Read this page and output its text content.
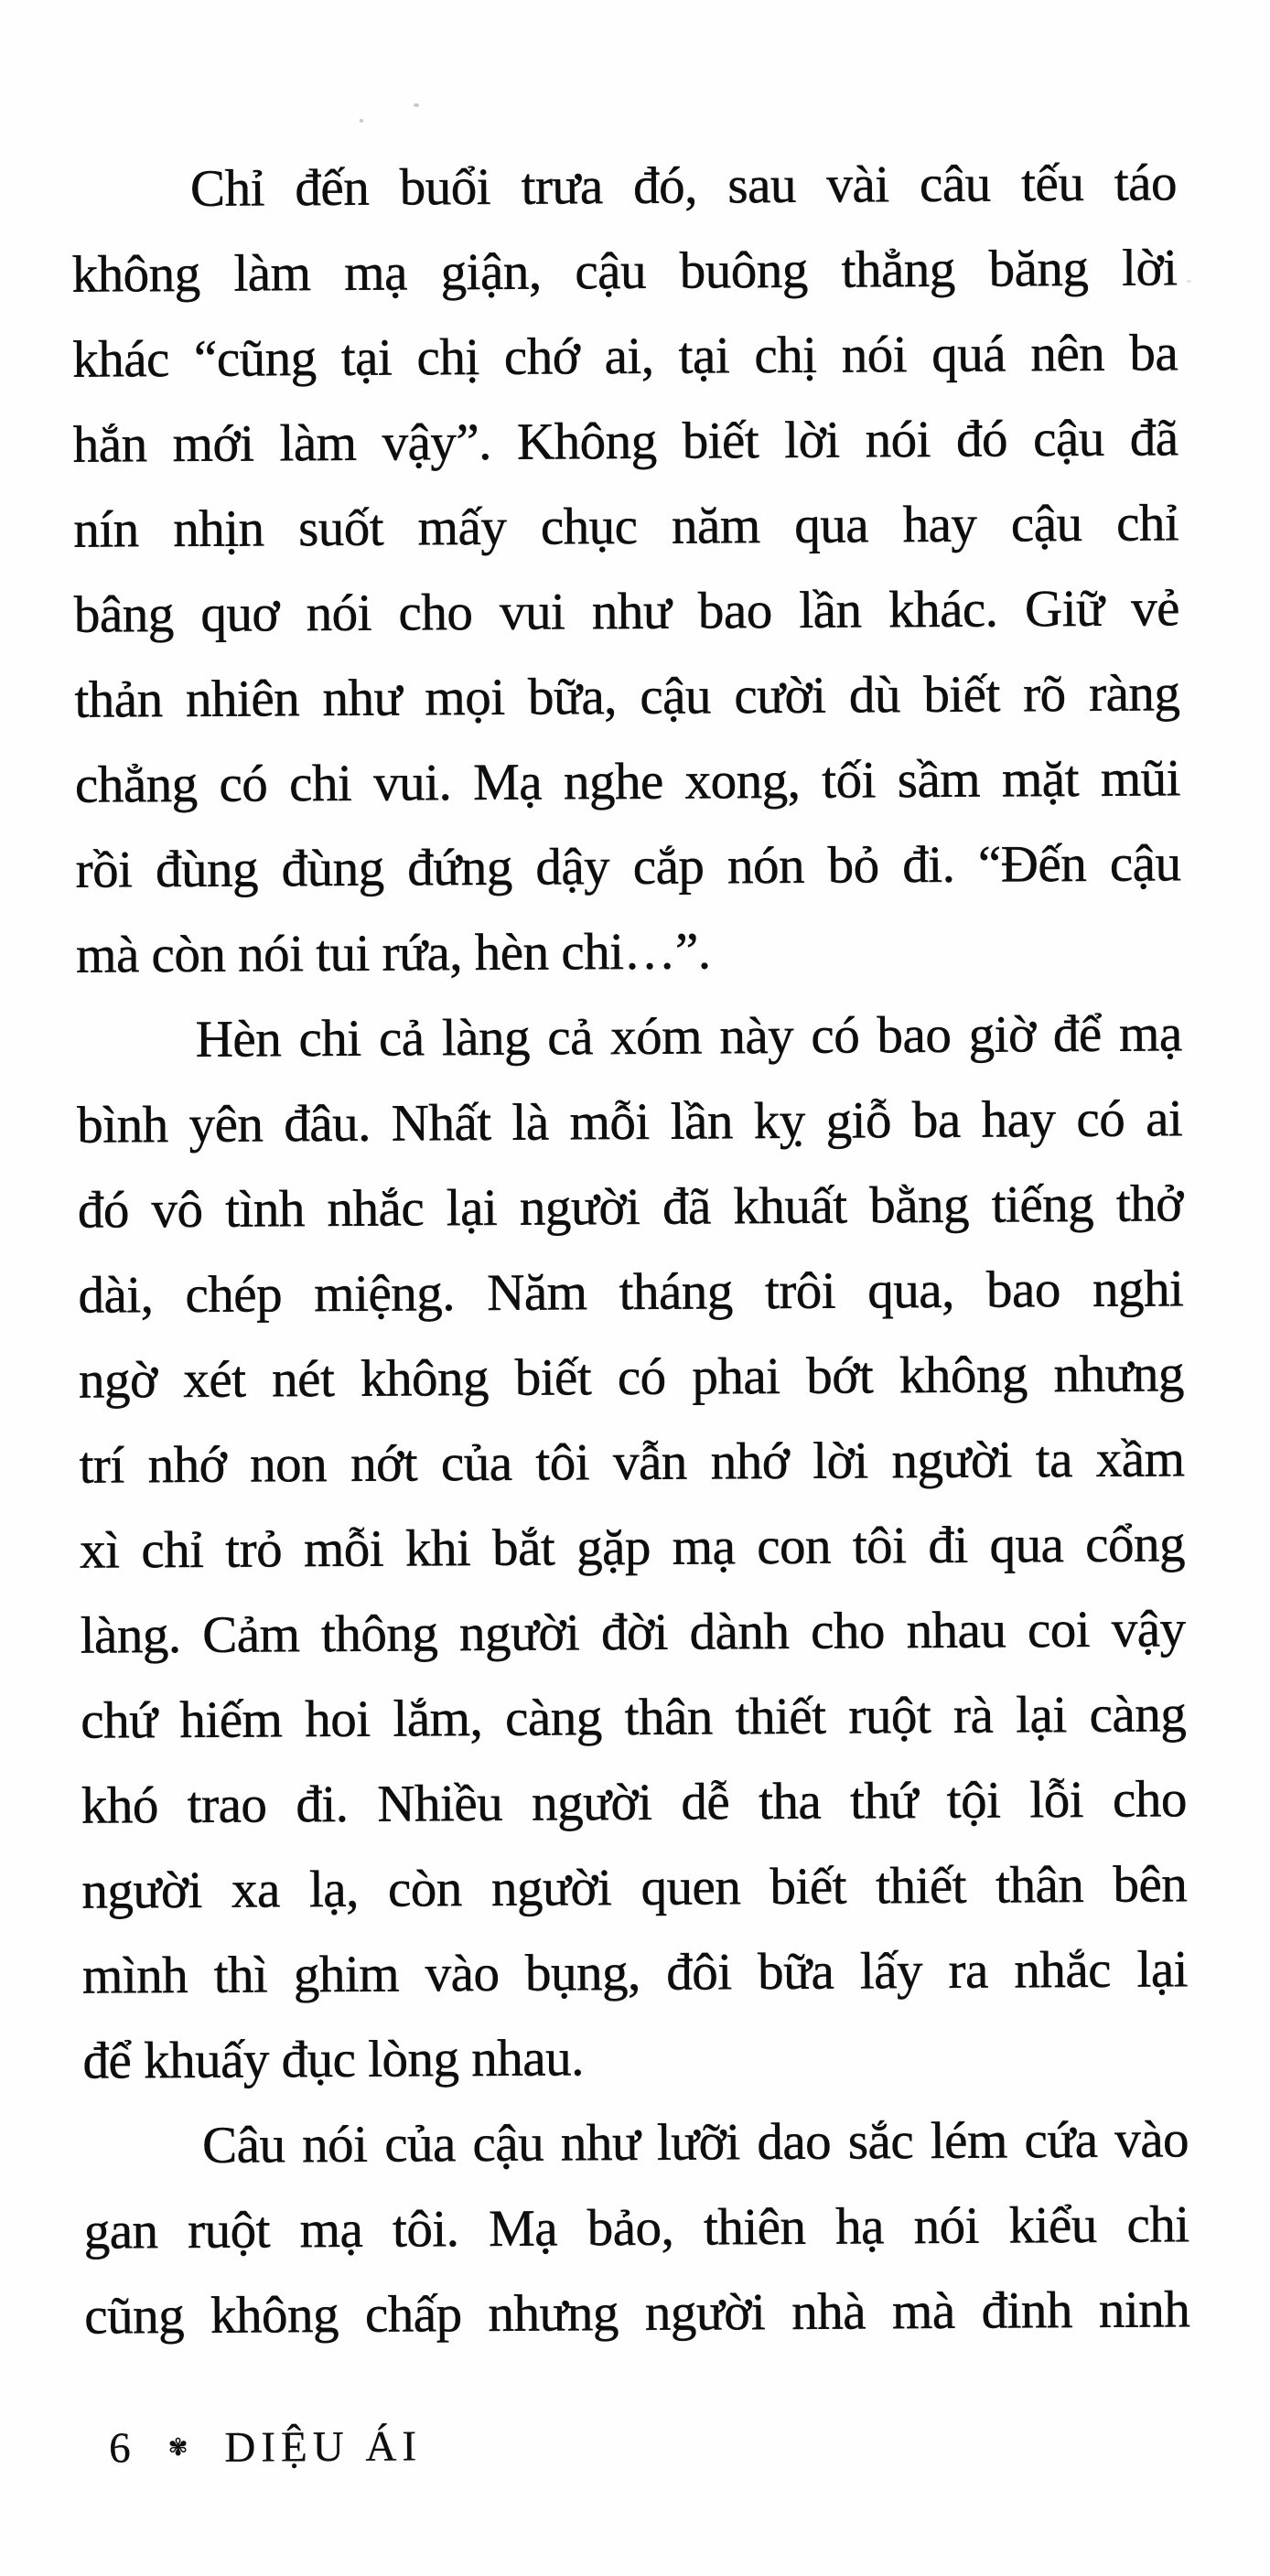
Chỉ đến buổi trưa đó, sau vài câu tếu táo
không làm mạ giận, cậu buông thẳng băng lời
khác “cũng tại chị chớ ai, tại chị nói quá nên ba
hắn mới làm vậy”. Không biết lời nói đó cậu đã
nín nhịn suốt mấy chục năm qua hay cậu chỉ
bâng quơ nói cho vui như bao lần khác. Giữ vẻ
thản nhiên như mọi bữa, cậu cười dù biết rõ ràng
chẳng có chi vui. Mạ nghe xong, tối sầm mặt mũi
rồi đùng đùng đứng dậy cắp nón bỏ đi. “Đến cậu
mà còn nói tui rứa, hèn chi…”.

Hèn chi cả làng cả xóm này có bao giờ để mạ
bình yên đâu. Nhất là mỗi lần kỵ giỗ ba hay có ai
đó vô tình nhắc lại người đã khuất bằng tiếng thở
dài, chép miệng. Năm tháng trôi qua, bao nghi
ngờ xét nét không biết có phai bớt không nhưng
trí nhớ non nớt của tôi vẫn nhớ lời người ta xầm
xì chỉ trỏ mỗi khi bắt gặp mạ con tôi đi qua cổng
làng. Cảm thông người đời dành cho nhau coi vậy
chứ hiếm hoi lắm, càng thân thiết ruột rà lại càng
khó trao đi. Nhiều người dễ tha thứ tội lỗi cho
người xa lạ, còn người quen biết thiết thân bên
mình thì ghim vào bụng, đôi bữa lấy ra nhắc lại
để khuấy đục lòng nhau.

Câu nói của cậu như lưỡi dao sắc lém cứa vào
gan ruột mạ tôi. Mạ bảo, thiên hạ nói kiểu chi
cũng không chấp nhưng người nhà mà đinh ninh

6 ✾ DIỆU ÁI
